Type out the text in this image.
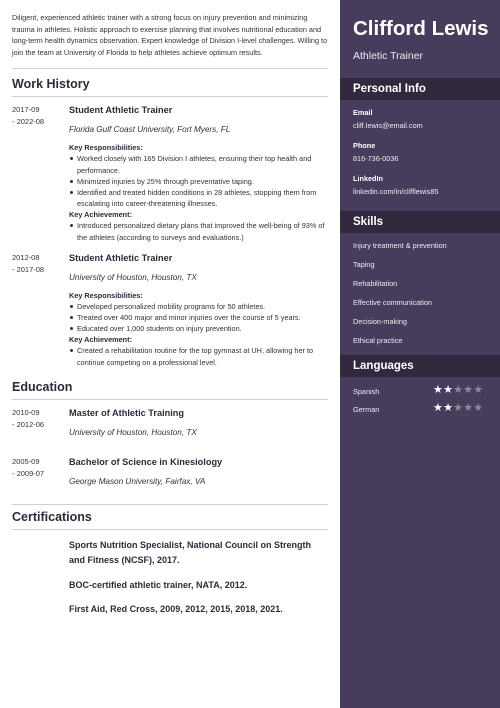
Diligent, experienced athletic trainer with a strong focus on injury prevention and minimizing trauma in athletes. Holistic approach to exercise planning that involves nutritional education and long-term health dynamics observation. Expert knowledge of Division I-level challenges. Willing to join the team at University of Florida to help athletes achieve optimum results.

Work History
2017-09
- 2022-08
Student Athletic Trainer
Florida Gulf Coast University, Fort Myers, FL
Key Responsibilities:
Worked closely with 165 Division I athletes, ensuring their top health and performance.
Minimized injuries by 25% through preventative taping.
Identified and treated hidden conditions in 28 athletes, stopping them from escalating into career-threatening illnesses.
Key Achievement:
Introduced personalized dietary plans that improved the well-being of 93% of the athletes (according to surveys and evaluations.)
2012-08
- 2017-08
Student Athletic Trainer
University of Houston, Houston, TX
Key Responsibilities:
Developed personalized mobility programs for 50 athletes.
Treated over 400 major and minor injuries over the course of 5 years.
Educated over 1,000 students on injury prevention.
Key Achievement:
Created a rehabilitation routine for the top gymnast at UH, allowing her to continue competing on a professional level.
Education
2010-09
- 2012-06
Master of Athletic Training
University of Houston, Houston, TX
2005-09
- 2009-07
Bachelor of Science in Kinesiology
George Mason University, Fairfax, VA
Certifications
Sports Nutrition Specialist, National Council on Strength and Fitness (NCSF), 2017.
BOC-certified athletic trainer, NATA, 2012.
First Aid, Red Cross, 2009, 2012, 2015, 2018, 2021.
Clifford Lewis
Athletic Trainer
Personal Info
Email
cliff.lewis@email.com
Phone
816-736-0036
LinkedIn
linkedin.com/in/clifflewis85
Skills
Injury treatment & prevention
Taping
Rehabilitation
Effective communication
Decision-making
Ethical practice
Languages
Spanish	★★★★★
German	★★★★★
